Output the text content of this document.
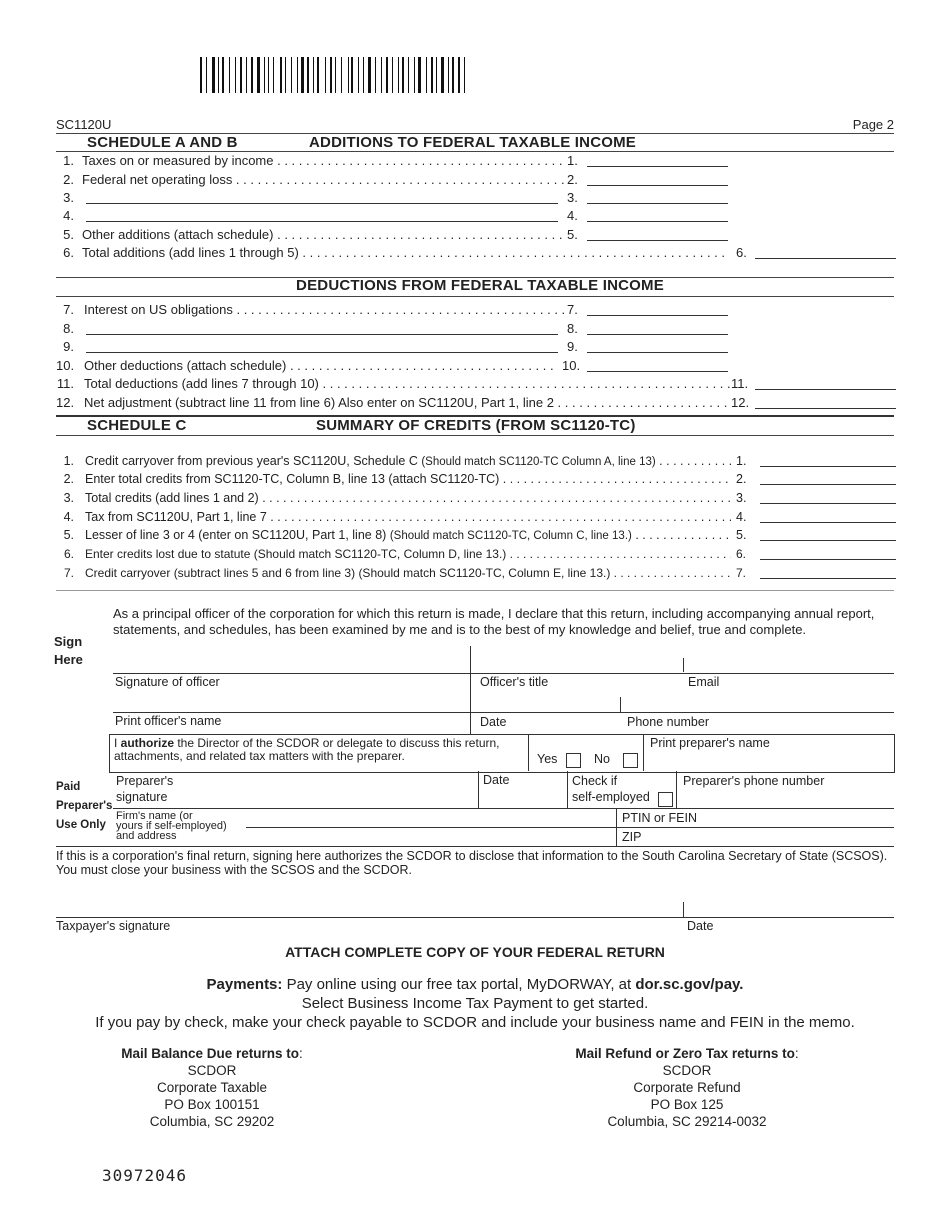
SC1120U	Page 2
SCHEDULE A AND B	ADDITIONS TO FEDERAL TAXABLE INCOME
1. Taxes on or measured by income . . .	1.
2. Federal net operating loss . . .	2.
3.	3.
4.	4.
5. Other additions (attach schedule) . . .	5.
6. Total additions (add lines 1 through 5) . . .	6.
DEDUCTIONS FROM FEDERAL TAXABLE INCOME
7. Interest on US obligations . . .	7.
8.	8.
9.	9.
10. Other deductions (attach schedule) . . .	10.
11. Total deductions (add lines 7 through 10) . . .	11.
12. Net adjustment (subtract line 11 from line 6) Also enter on SC1120U, Part 1, line 2 . . .	12.
SCHEDULE C	SUMMARY OF CREDITS (FROM SC1120-TC)
1. Credit carryover from previous year's SC1120U, Schedule C (Should match SC1120-TC Column A, line 13) . . .	1.
2. Enter total credits from SC1120-TC, Column B, line 13 (attach SC1120-TC) . . .	2.
3. Total credits (add lines 1 and 2) . . .	3.
4. Tax from SC1120U, Part 1, line 7 . . .	4.
5. Lesser of line 3 or 4 (enter on SC1120U, Part 1, line 8) (Should match SC1120-TC, Column C, line 13.) . . .	5.
6. Enter credits lost due to statute (Should match SC1120-TC, Column D, line 13.) . . .	6.
7. Credit carryover (subtract lines 5 and 6 from line 3) (Should match SC1120-TC, Column E, line 13.) . . .	7.
As a principal officer of the corporation for which this return is made, I declare that this return, including accompanying annual report, statements, and schedules, has been examined by me and is to the best of my knowledge and belief, true and complete.
Sign
Here
Signature of officer	Officer's title	Email
Print officer's name	Date	Phone number
I authorize the Director of the SCDOR or delegate to discuss this return, attachments, and related tax matters with the preparer.	Yes	No
Print preparer's name
Paid
Preparer's
Use Only
Preparer's
signature
Date	Check if
self-employed
Preparer's phone number
Firm's name (or
yours if self-employed)
and address
PTIN or FEIN
ZIP
If this is a corporation's final return, signing here authorizes the SCDOR to disclose that information to the South Carolina Secretary of State (SCSOS). You must close your business with the SCSOS and the SCDOR.
Taxpayer's signature	Date
ATTACH COMPLETE COPY OF YOUR FEDERAL RETURN
Payments: Pay online using our free tax portal, MyDORWAY, at dor.sc.gov/pay.
Select Business Income Tax Payment to get started.
If you pay by check, make your check payable to SCDOR and include your business name and FEIN in the memo.
Mail Balance Due returns to:
SCDOR
Corporate Taxable
PO Box 100151
Columbia, SC 29202
Mail Refund or Zero Tax returns to:
SCDOR
Corporate Refund
PO Box 125
Columbia, SC 29214-0032
30972046
